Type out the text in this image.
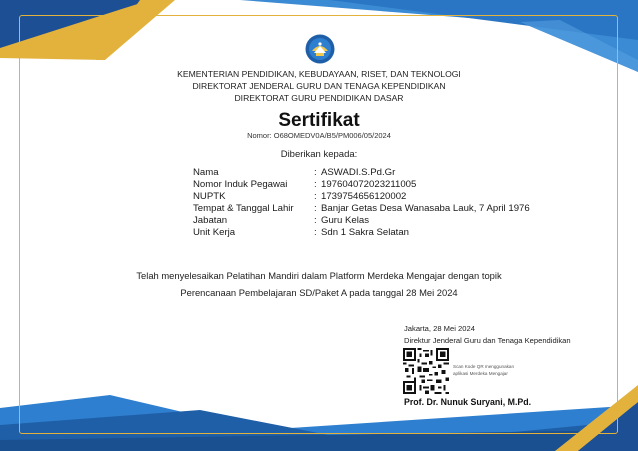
KEMENTERIAN PENDIDIKAN, KEBUDAYAAN, RISET, DAN TEKNOLOGI
DIREKTORAT JENDERAL GURU DAN TENAGA KEPENDIDIKAN
DIREKTORAT GURU PENDIDIKAN DASAR
Sertifikat
Nomor: O68OMEDV0A/B5/PM006/05/2024
Diberikan kepada:
Nama	: ASWADI.S.Pd.Gr
Nomor Induk Pegawai	: 197604072023211005
NUPTK	: 1739754656120002
Tempat & Tanggal Lahir : Banjar Getas Desa Wanasaba Lauk, 7 April 1976
Jabatan	: Guru Kelas
Unit Kerja	: Sdn 1 Sakra Selatan
Telah menyelesaikan Pelatihan Mandiri dalam Platform Merdeka Mengajar dengan topik
Perencanaan Pembelajaran SD/Paket A pada tanggal 28 Mei 2024
Jakarta, 28 Mei 2024
Direktur Jenderal Guru dan Tenaga Kependidikan
Scan Kode QR menggunakan
aplikasi Merdeka Mengajar
Prof. Dr. Nunuk Suryani, M.Pd.
